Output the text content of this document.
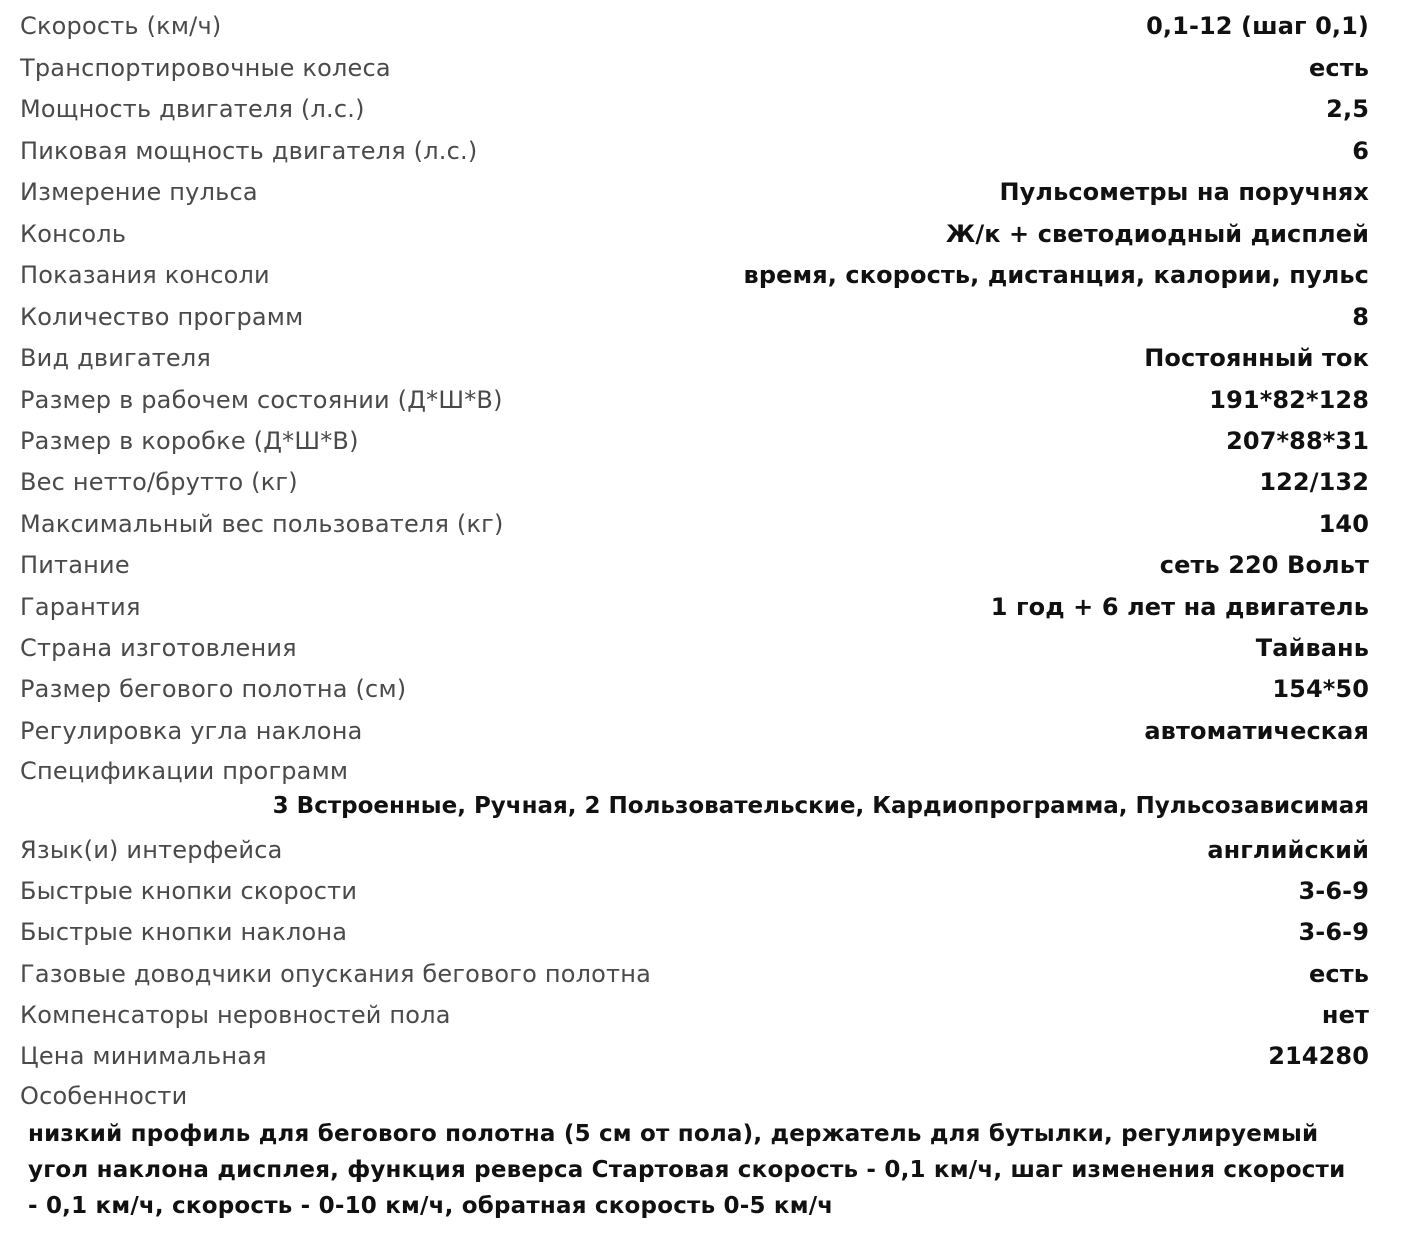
Скорость (км/ч)	0,1-12 (шаг 0,1)
Транспортировочные колеса	есть
Мощность двигателя (л.с.)	2,5
Пиковая мощность двигателя (л.с.)	6
Измерение пульса	Пульсометры на поручнях
Консоль	Ж/к + светодиодный дисплей
Показания консоли	время, скорость, дистанция, калории, пульс
Количество программ	8
Вид двигателя	Постоянный ток
Размер в рабочем состоянии (Д*Ш*В)	191*82*128
Размер в коробке (Д*Ш*В)	207*88*31
Вес нетто/брутто (кг)	122/132
Максимальный вес пользователя (кг)	140
Питание	сеть 220 Вольт
Гарантия	1 год + 6 лет на двигатель
Страна изготовления	Тайвань
Размер бегового полотна (см)	154*50
Регулировка угла наклона	автоматическая
Спецификации программ
3 Встроенные, Ручная, 2 Пользовательские, Кардиопрограмма, Пульсозависимая
Язык(и) интерфейса	английский
Быстрые кнопки скорости	3-6-9
Быстрые кнопки наклона	3-6-9
Газовые доводчики опускания бегового полотна	есть
Компенсаторы неровностей пола	нет
Цена минимальная	214280
Особенности
низкий профиль для бегового полотна (5 см от пола), держатель для бутылки, регулируемый угол наклона дисплея, функция реверса Стартовая скорость - 0,1 км/ч, шаг изменения скорости - 0,1 км/ч, скорость - 0-10 км/ч, обратная скорость 0-5 км/ч
